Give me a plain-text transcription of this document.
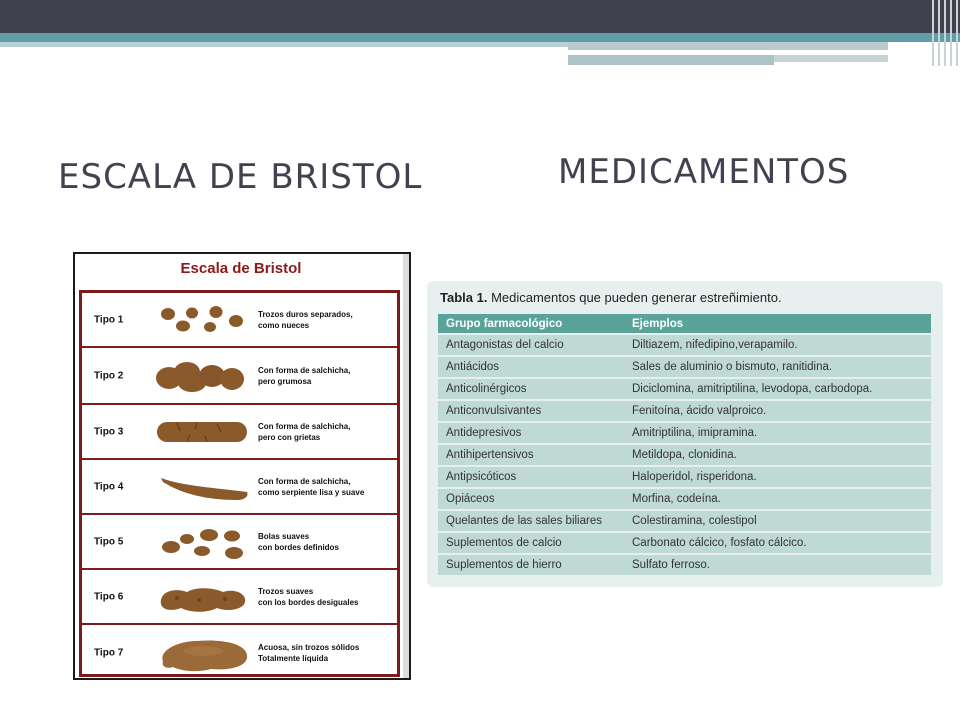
ESCALA DE BRISTOL	MEDICAMENTOS
Escala de Bristol
Tipo 1	Trozos duros separados,
como nueces
Tipo 2	Con forma de salchicha,
pero grumosa
Tipo 3	Con forma de salchicha,
pero con grietas
Tipo 4	Con forma de salchicha,
como serpiente lisa y suave
Tipo 5	Bolas suaves
con bordes definidos
Tipo 6	Trozos suaves
con los bordes desiguales
Tipo 7	Acuosa, sin trozos sólidos
Totalmente líquida
Tabla 1. Medicamentos que pueden generar estreñimiento.
Grupo farmacológico	Ejemplos
Antagonistas del calcio	Diltiazem, nifedipino,verapamilo.
Antiácidos	Sales de aluminio o bismuto, ranitidina.
Anticolinérgicos	Diciclomina, amitriptilina, levodopa, carbodopa.
Anticonvulsivantes	Fenitoína, ácido valproico.
Antidepresivos	Amitriptilina, imipramina.
Antihipertensivos	Metildopa, clonidina.
Antipsicóticos	Haloperidol, risperidona.
Opiáceos	Morfina, codeína.
Quelantes de las sales biliares	Colestiramina, colestipol
Suplementos de calcio	Carbonato cálcico, fosfato cálcico.
Suplementos de hierro	Sulfato ferroso.
